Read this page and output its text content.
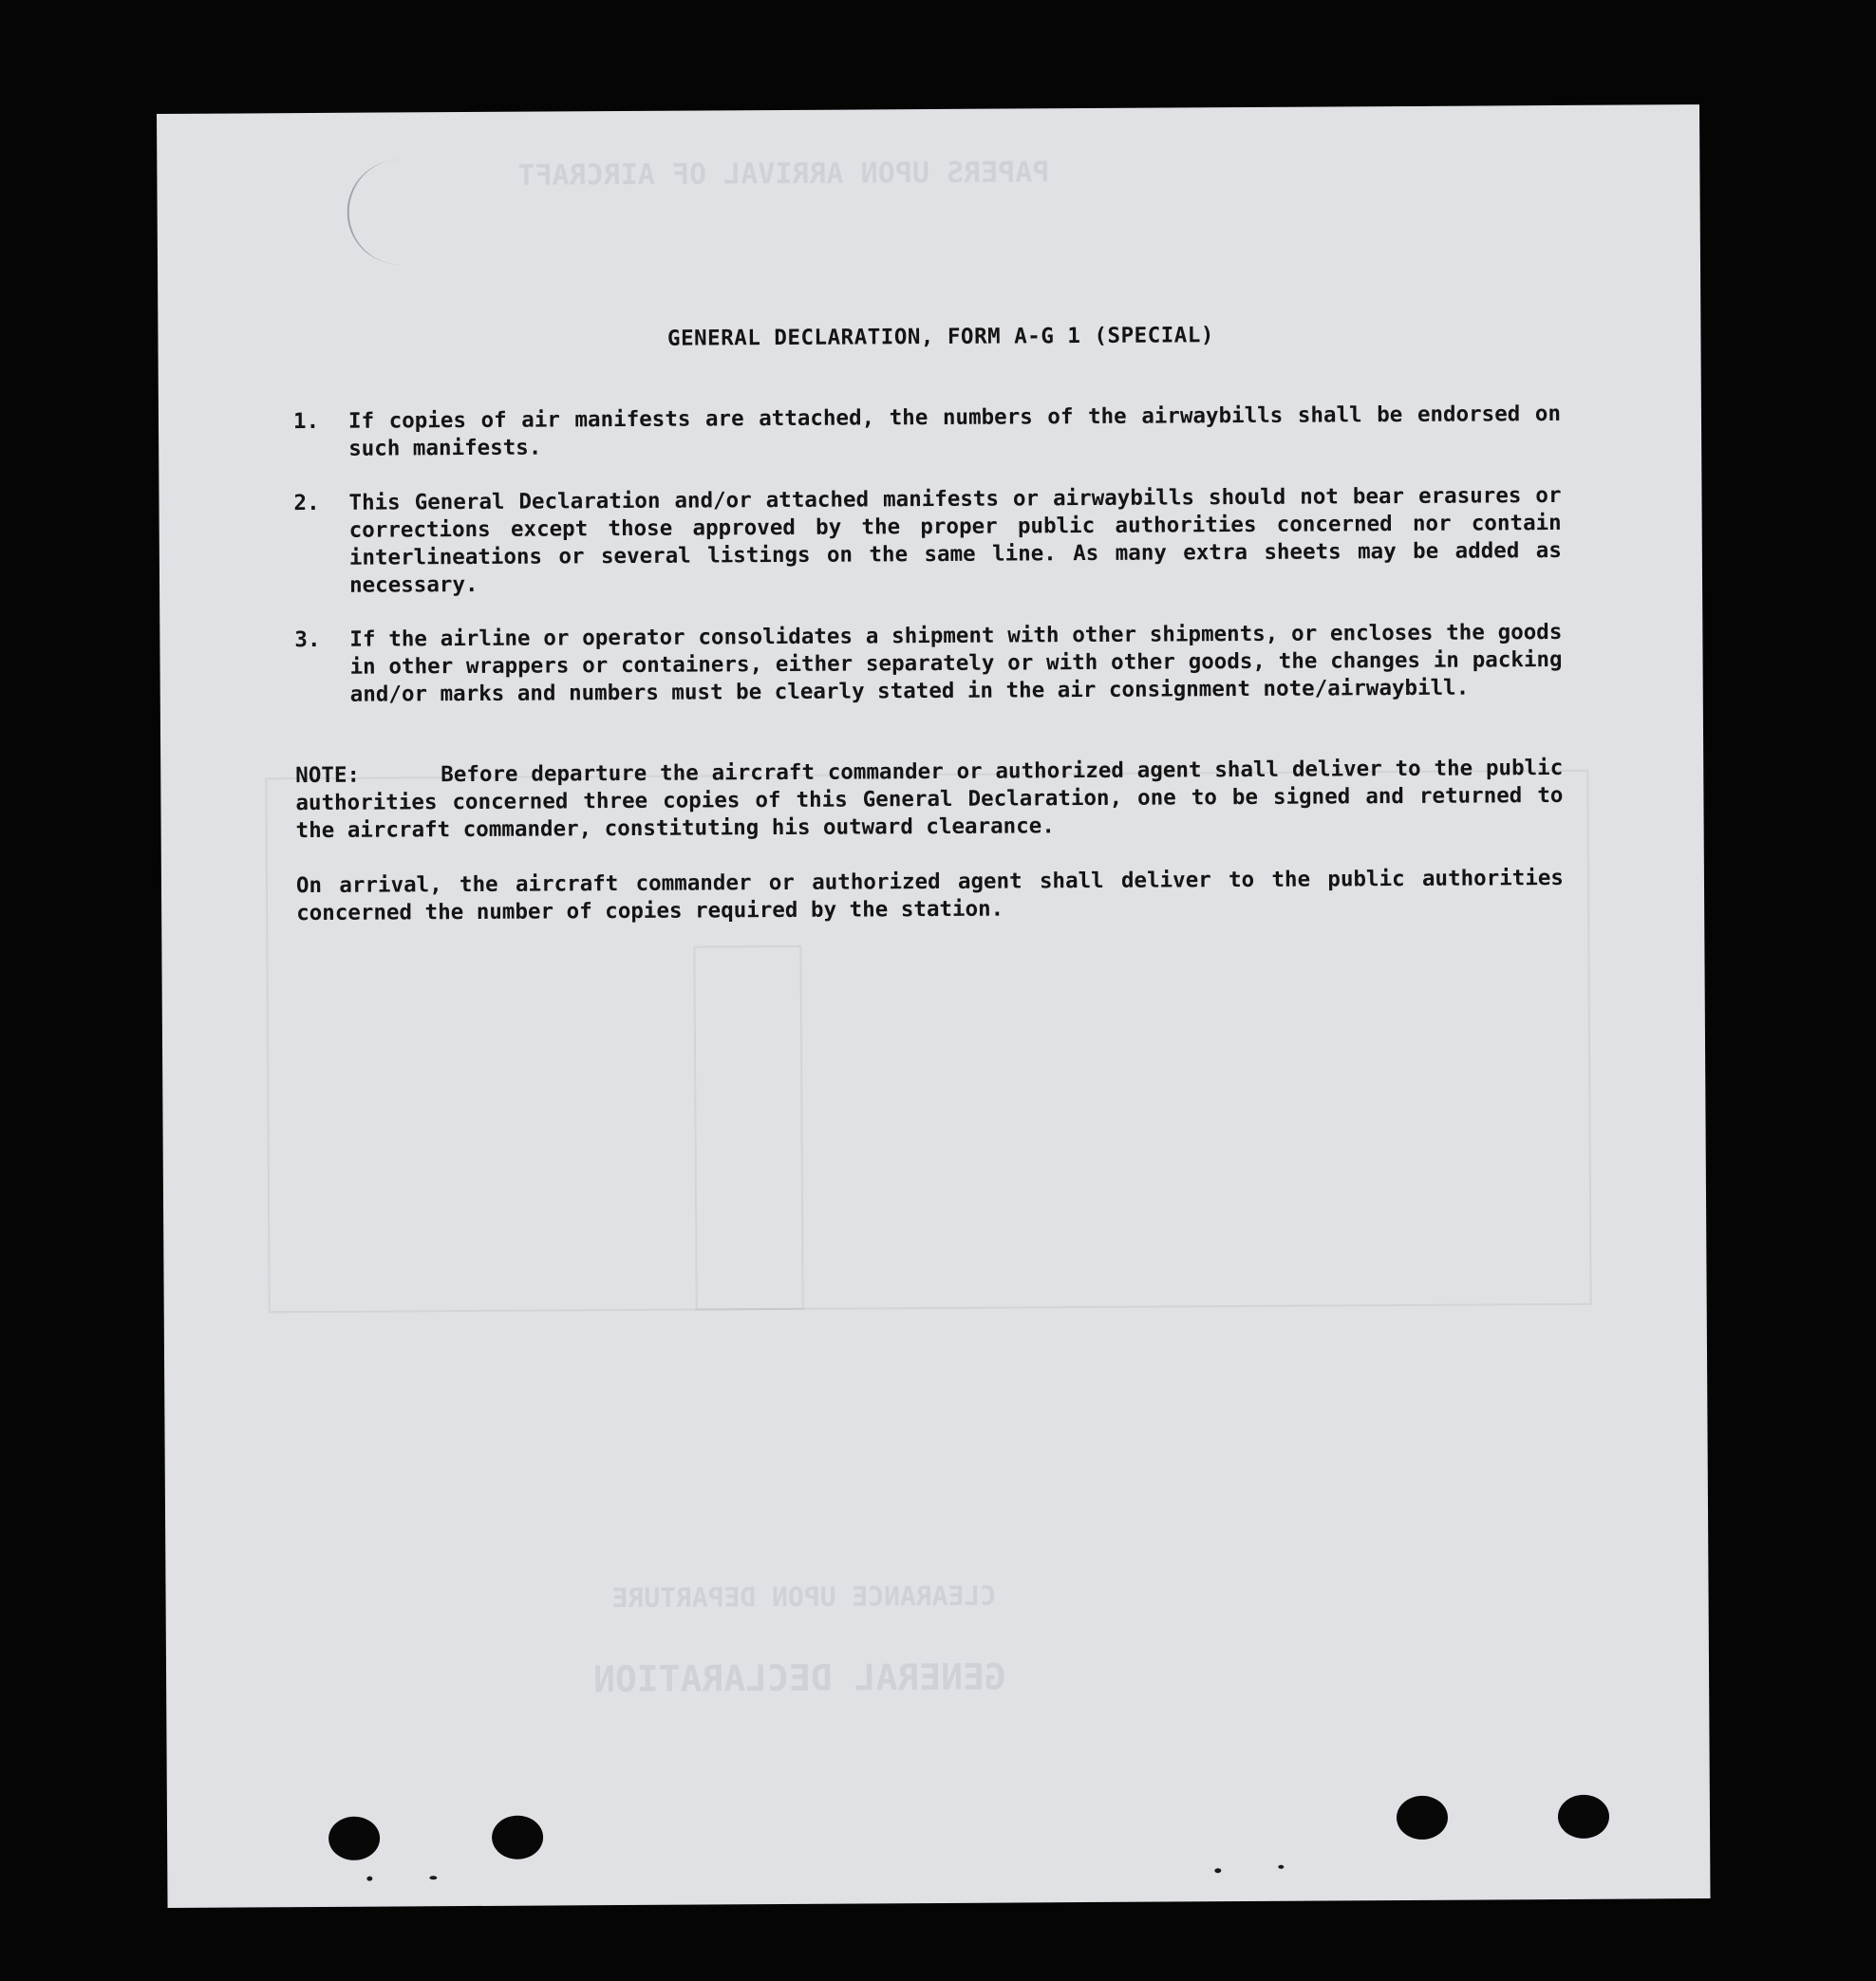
PAPERS UPON ARRIVAL OF AIRCRAFT
CLEARANCE UPON DEPARTURE
GENERAL DECLARATION
GENERAL DECLARATION, FORM A-G 1 (SPECIAL)
1.	If copies of air manifests are attached, the numbers of the airwaybills shall be endorsed on such manifests.
2.	This General Declaration and/or attached manifests or airwaybills should not bear erasures or corrections except those approved by the proper public authorities concerned nor contain interlineations or several listings on the same line. As many extra sheets may be added as necessary.
3.	If the airline or operator consolidates a shipment with other shipments, or encloses the goods in other wrappers or containers, either separately or with other goods, the changes in packing and/or marks and numbers must be clearly stated in the air consignment note/airwaybill.
NOTE:	Before departure the aircraft commander or authorized agent shall deliver to the public authorities concerned three copies of this General Declaration, one to be signed and returned to the aircraft commander, constituting his outward clearance.
On arrival, the aircraft commander or authorized agent shall deliver to the public authorities concerned the number of copies required by the station.
